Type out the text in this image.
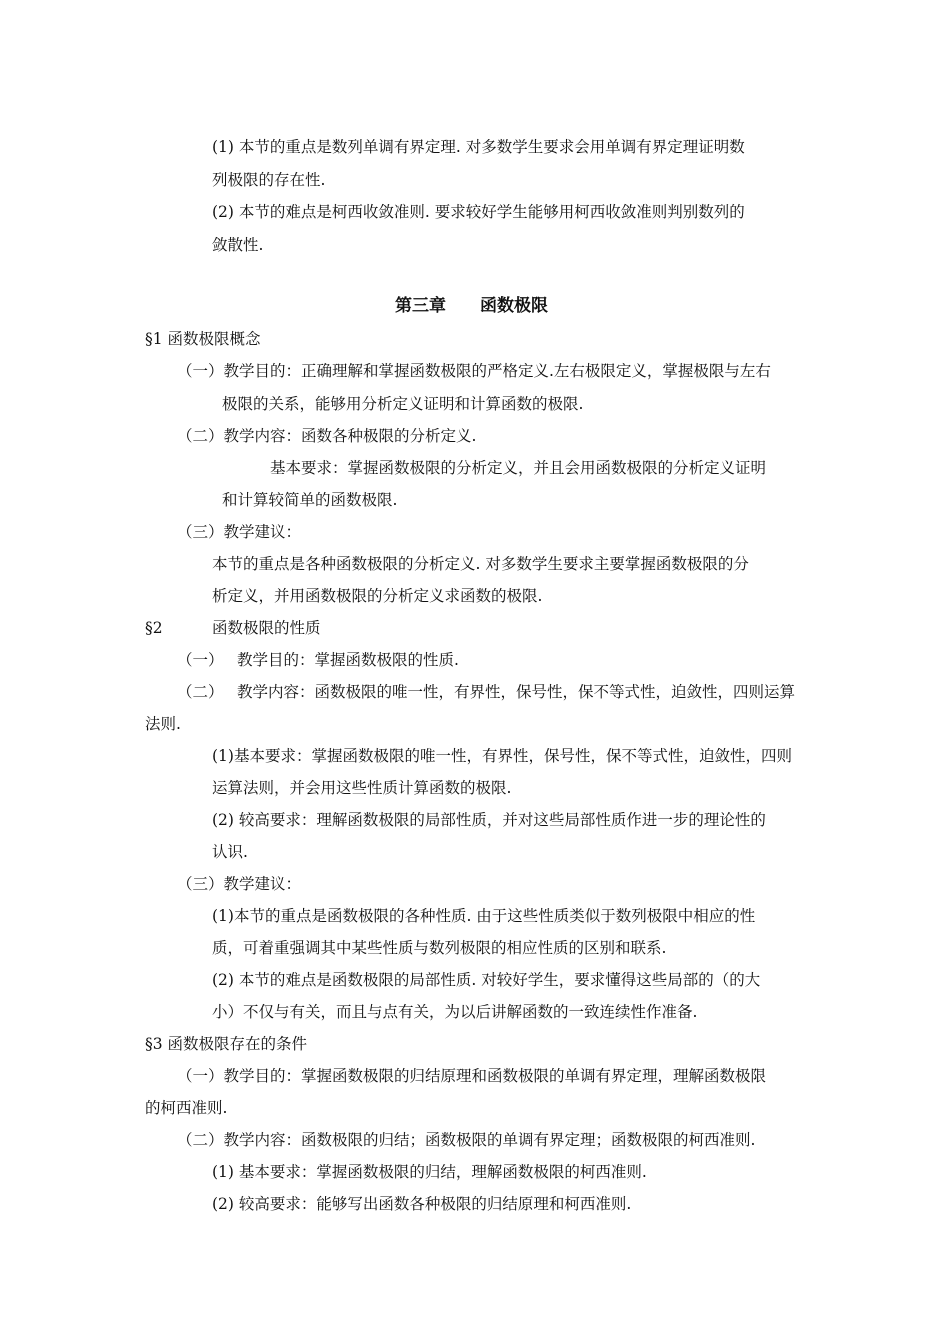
(1) 本节的重点是数列单调有界定理. 对多数学生要求会用单调有界定理证明数
列极限的存在性.
(2) 本节的难点是柯西收敛准则. 要求较好学生能够用柯西收敛准则判别数列的
敛散性.
第三章　　函数极限
§1 函数极限概念
（一）教学目的：正确理解和掌握函数极限的严格定义.左右极限定义，掌握极限与左右
极限的关系，能够用分析定义证明和计算函数的极限.
（二）教学内容：函数各种极限的分析定义.
基本要求：掌握函数极限的分析定义，并且会用函数极限的分析定义证明
和计算较简单的函数极限.
（三）教学建议：
本节的重点是各种函数极限的分析定义. 对多数学生要求主要掌握函数极限的分
析定义，并用函数极限的分析定义求函数的极限.
§2	函数极限的性质
（一） 教学目的：掌握函数极限的性质.
（二） 教学内容：函数极限的唯一性，有界性，保号性，保不等式性，迫敛性，四则运算
法则.
(1)基本要求：掌握函数极限的唯一性，有界性，保号性，保不等式性，迫敛性，四则
运算法则，并会用这些性质计算函数的极限.
(2) 较高要求：理解函数极限的局部性质，并对这些局部性质作进一步的理论性的
认识.
（三）教学建议：
(1)本节的重点是函数极限的各种性质. 由于这些性质类似于数列极限中相应的性
质，可着重强调其中某些性质与数列极限的相应性质的区别和联系.
(2) 本节的难点是函数极限的局部性质. 对较好学生，要求懂得这些局部的（的大
小）不仅与有关，而且与点有关，为以后讲解函数的一致连续性作准备.
§3 函数极限存在的条件
（一）教学目的：掌握函数极限的归结原理和函数极限的单调有界定理，理解函数极限
的柯西准则.
（二）教学内容：函数极限的归结；函数极限的单调有界定理；函数极限的柯西准则.
(1) 基本要求：掌握函数极限的归结，理解函数极限的柯西准则.
(2) 较高要求：能够写出函数各种极限的归结原理和柯西准则.
